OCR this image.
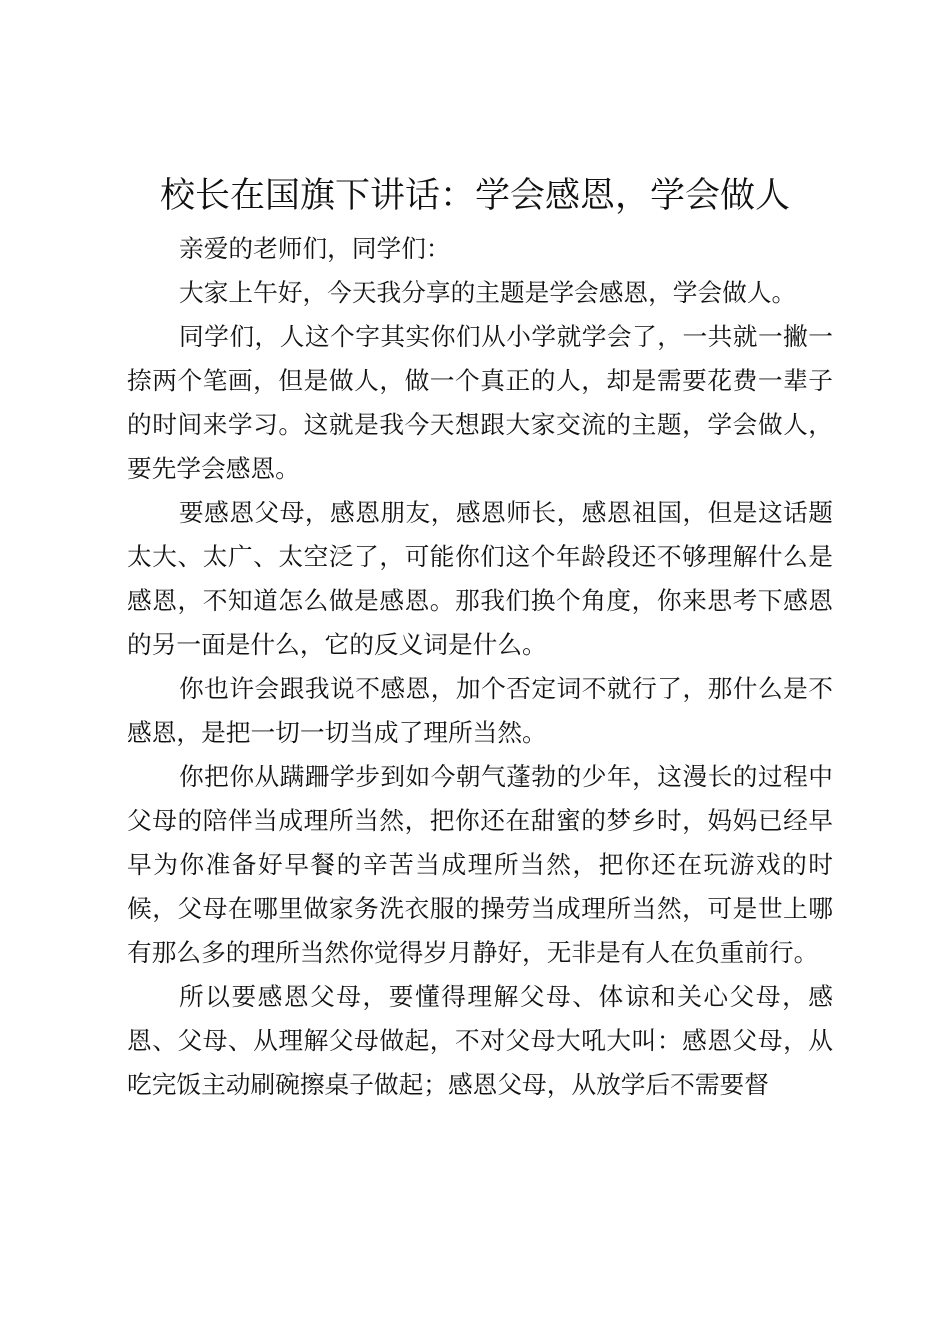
校长在国旗下讲话：学会感恩，学会做人

亲爱的老师们，同学们：

大家上午好，今天我分享的主题是学会感恩，学会做人。

同学们，人这个字其实你们从小学就学会了，一共就一撇一捺两个笔画，但是做人，做一个真正的人，却是需要花费一辈子的时间来学习。这就是我今天想跟大家交流的主题，学会做人，要先学会感恩。

要感恩父母，感恩朋友，感恩师长，感恩祖国，但是这话题太大、太广、太空泛了，可能你们这个年龄段还不够理解什么是感恩，不知道怎么做是感恩。那我们换个角度，你来思考下感恩的另一面是什么，它的反义词是什么。

你也许会跟我说不感恩，加个否定词不就行了，那什么是不感恩，是把一切一切当成了理所当然。

你把你从蹒跚学步到如今朝气蓬勃的少年，这漫长的过程中父母的陪伴当成理所当然，把你还在甜蜜的梦乡时，妈妈已经早早为你准备好早餐的辛苦当成理所当然，把你还在玩游戏的时候，父母在哪里做家务洗衣服的操劳当成理所当然，可是世上哪有那么多的理所当然你觉得岁月静好，无非是有人在负重前行。

所以要感恩父母，要懂得理解父母、体谅和关心父母，感恩、父母、从理解父母做起，不对父母大吼大叫：感恩父母，从吃完饭主动刷碗擦桌子做起；感恩父母，从放学后不需要督
